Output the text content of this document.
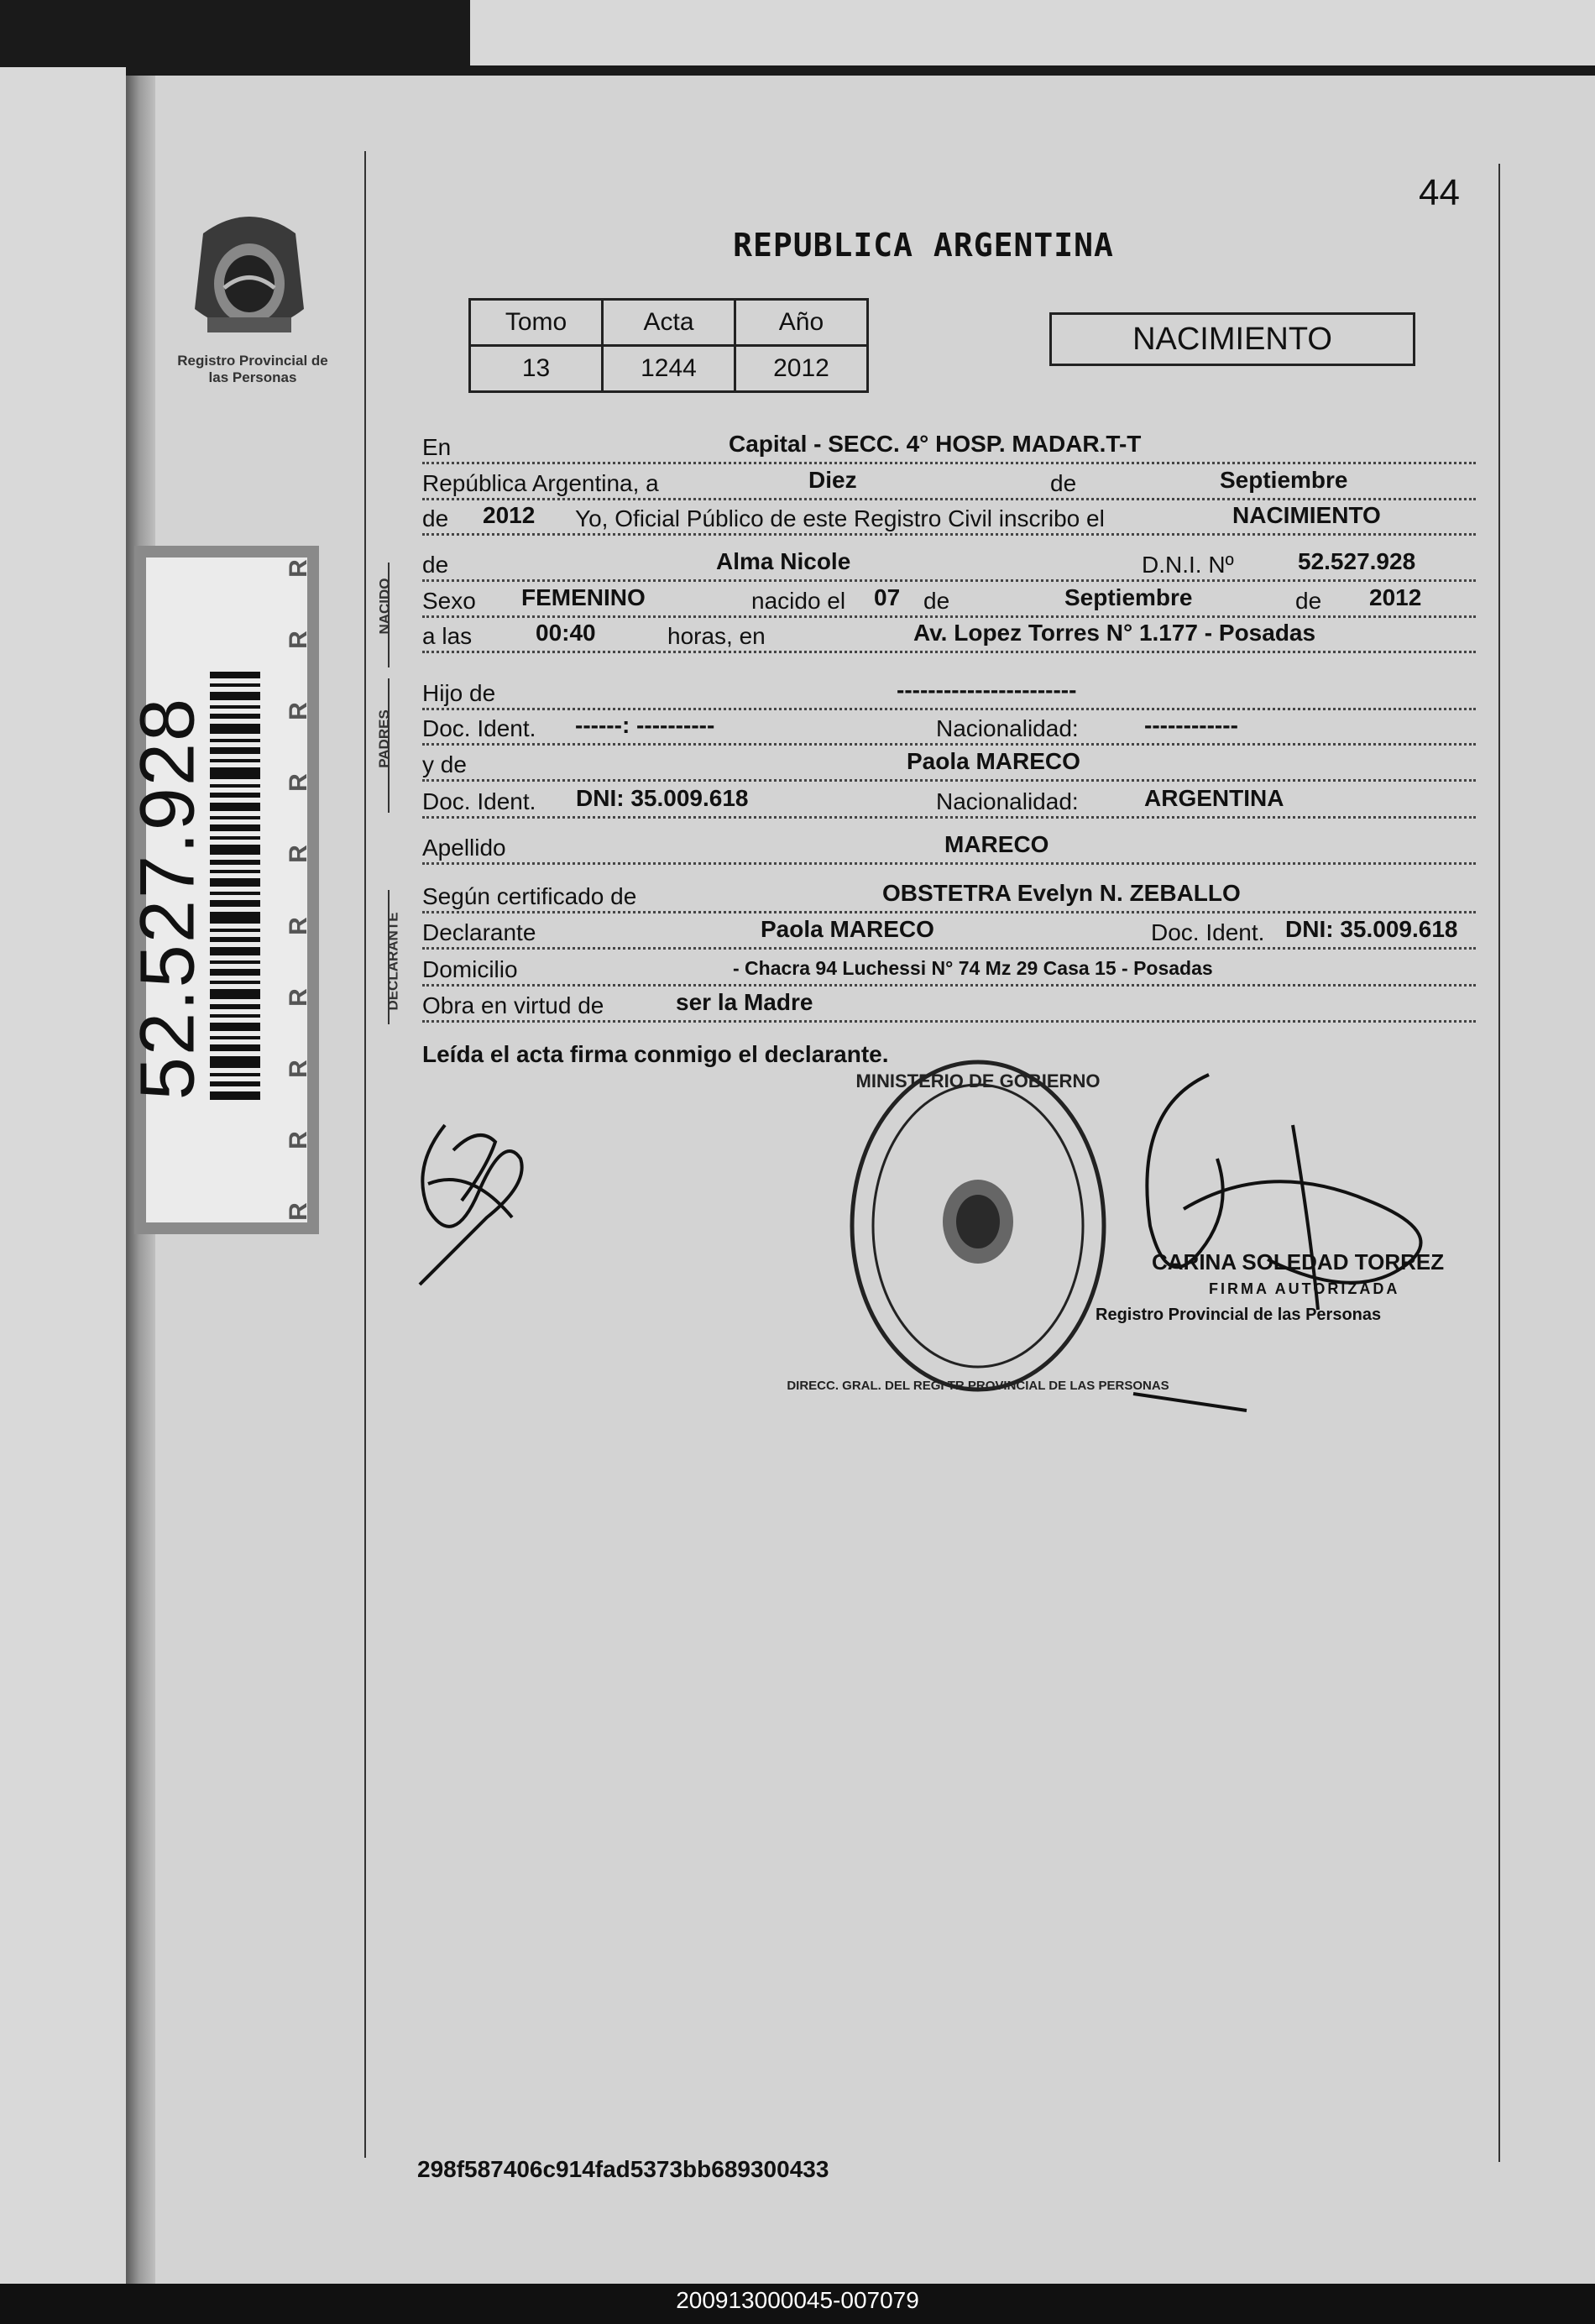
Registro Provincial de las Personas
52.527.928
R
R
R
R
R
R
R
R
R
R
44
REPUBLICA ARGENTINA
Tomo	Acta	Año
13	1244	2012
NACIMIENTO
En	Capital - SECC. 4° HOSP. MADAR.T-T
República Argentina, a	Diez	de	Septiembre
de 2012 Yo, Oficial Público de este Registro Civil inscribo el	NACIMIENTO
NACIDO
de	Alma Nicole	D.N.I. Nº	52.527.928
Sexo FEMENINO	nacido el 07 de	Septiembre	de 2012
a las	00:40	horas, en	Av. Lopez Torres N° 1.177 - Posadas
PADRES
Hijo de	-----------------------
Doc. Ident. ------: ----------	Nacionalidad:	------------
y de	Paola MARECO
Doc. Ident. DNI: 35.009.618	Nacionalidad:	ARGENTINA
Apellido	MARECO
DECLARANTE
Según certificado de	OBSTETRA Evelyn N. ZEBALLO
Declarante	Paola MARECO	Doc. Ident. DNI: 35.009.618
Domicilio	- Chacra 94 Luchessi N° 74 Mz 29 Casa 15 - Posadas
Obra en virtud de	ser la Madre
Leída el acta firma conmigo el declarante.
MINISTERIO DE GOBIERNO
DIRECC. GRAL. DEL REGI TR PROVINCIAL DE LAS PERSONAS
CARINA SOLEDAD TORREZ
FIRMA AUTORIZADA
Registro Provincial de las Personas
298f587406c914fad5373bb689300433
200913000045-007079
